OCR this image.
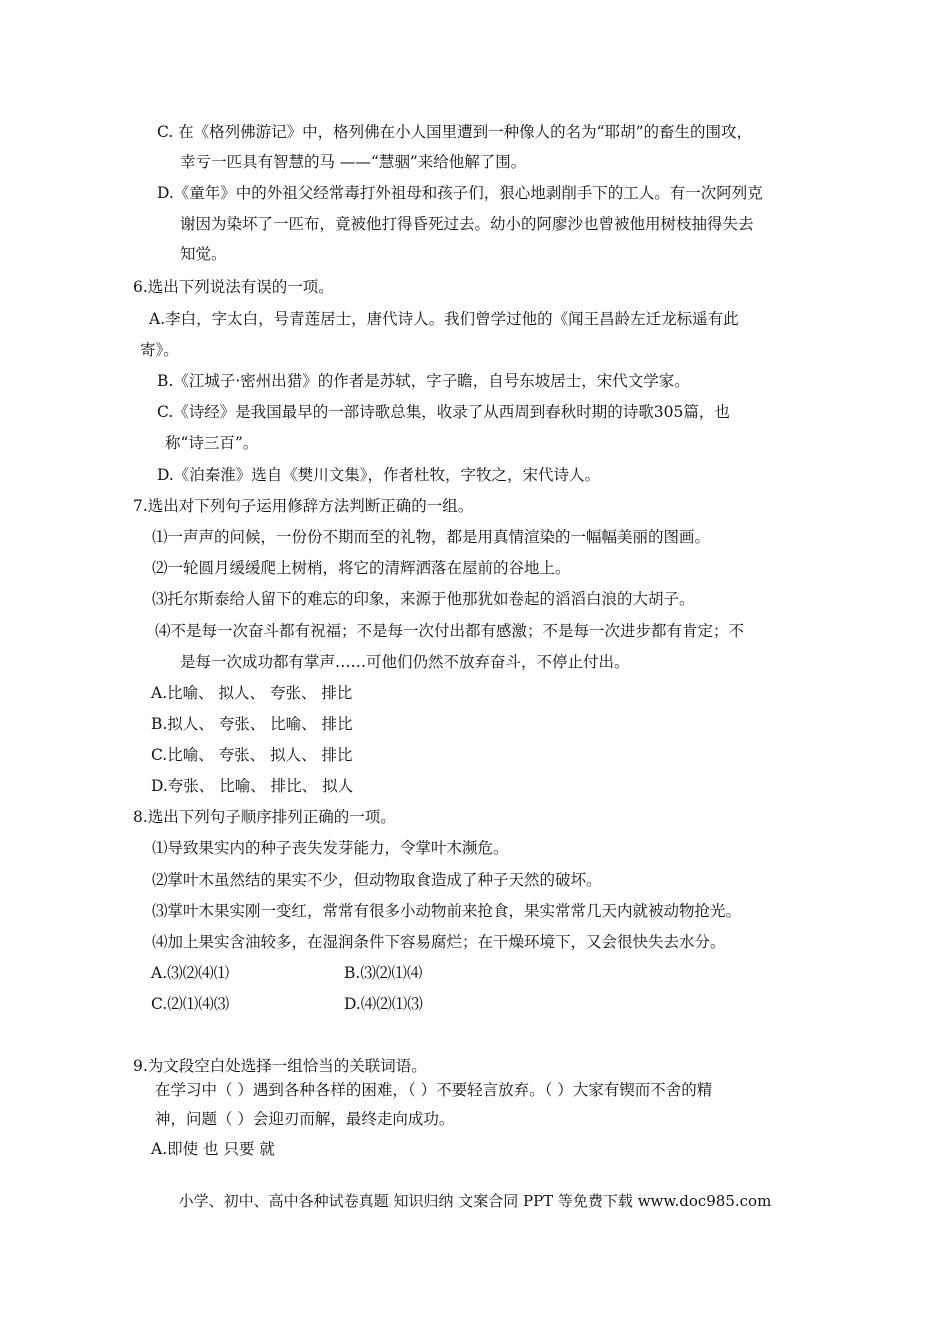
C. 在《格列佛游记》中，格列佛在小人国里遭到一种像人的名为“耶胡”的畜生的围攻，
幸亏一匹具有智慧的马 ——“慧骃”来给他解了围。
D.《童年》中的外祖父经常毒打外祖母和孩子们，狠心地剥削手下的工人。有一次阿列克
谢因为染坏了一匹布，竟被他打得昏死过去。幼小的阿廖沙也曾被他用树枝抽得失去
知觉。
6.选出下列说法有误的一项。
A.李白，字太白，号青莲居士，唐代诗人。我们曾学过他的《闻王昌龄左迁龙标遥有此
寄》。
B.《江城子·密州出猎》的作者是苏轼，字子瞻，自号东坡居士，宋代文学家。
C.《诗经》是我国最早的一部诗歌总集，收录了从西周到春秋时期的诗歌305篇，也
称“诗三百”。
D.《泊秦淮》选自《樊川文集》，作者杜牧，字牧之，宋代诗人。
7.选出对下列句子运用修辞方法判断正确的一组。
⑴一声声的问候，一份份不期而至的礼物，都是用真情渲染的一幅幅美丽的图画。
⑵一轮圆月缓缓爬上树梢，将它的清辉洒落在屋前的谷地上。
⑶托尔斯泰给人留下的难忘的印象，来源于他那犹如卷起的滔滔白浪的大胡子。
⑷不是每一次奋斗都有祝福；不是每一次付出都有感激；不是每一次进步都有肯定；不
是每一次成功都有掌声……可他们仍然不放弃奋斗，不停止付出。
A.比喻、 拟人、 夸张、 排比
B.拟人、 夸张、 比喻、 排比
C.比喻、 夸张、 拟人、 排比
D.夸张、 比喻、 排比、 拟人
8.选出下列句子顺序排列正确的一项。
⑴导致果实内的种子丧失发芽能力，令掌叶木濒危。
⑵掌叶木虽然结的果实不少，但动物取食造成了种子天然的破坏。
⑶掌叶木果实刚一变红，常常有很多小动物前来抢食，果实常常几天内就被动物抢光。
⑷加上果实含油较多，在湿润条件下容易腐烂；在干燥环境下，又会很快失去水分。
A.⑶⑵⑷⑴	B.⑶⑵⑴⑷
C.⑵⑴⑷⑶	D.⑷⑵⑴⑶
9.为文段空白处选择一组恰当的关联词语。
在学习中（ ）遇到各种各样的困难，（ ）不要轻言放弃。（ ）大家有锲而不舍的精
神，问题（ ）会迎刃而解，最终走向成功。
A.即使 也 只要 就
小学、初中、高中各种试卷真题 知识归纳 文案合同 PPT 等免费下载 www.doc985.com
